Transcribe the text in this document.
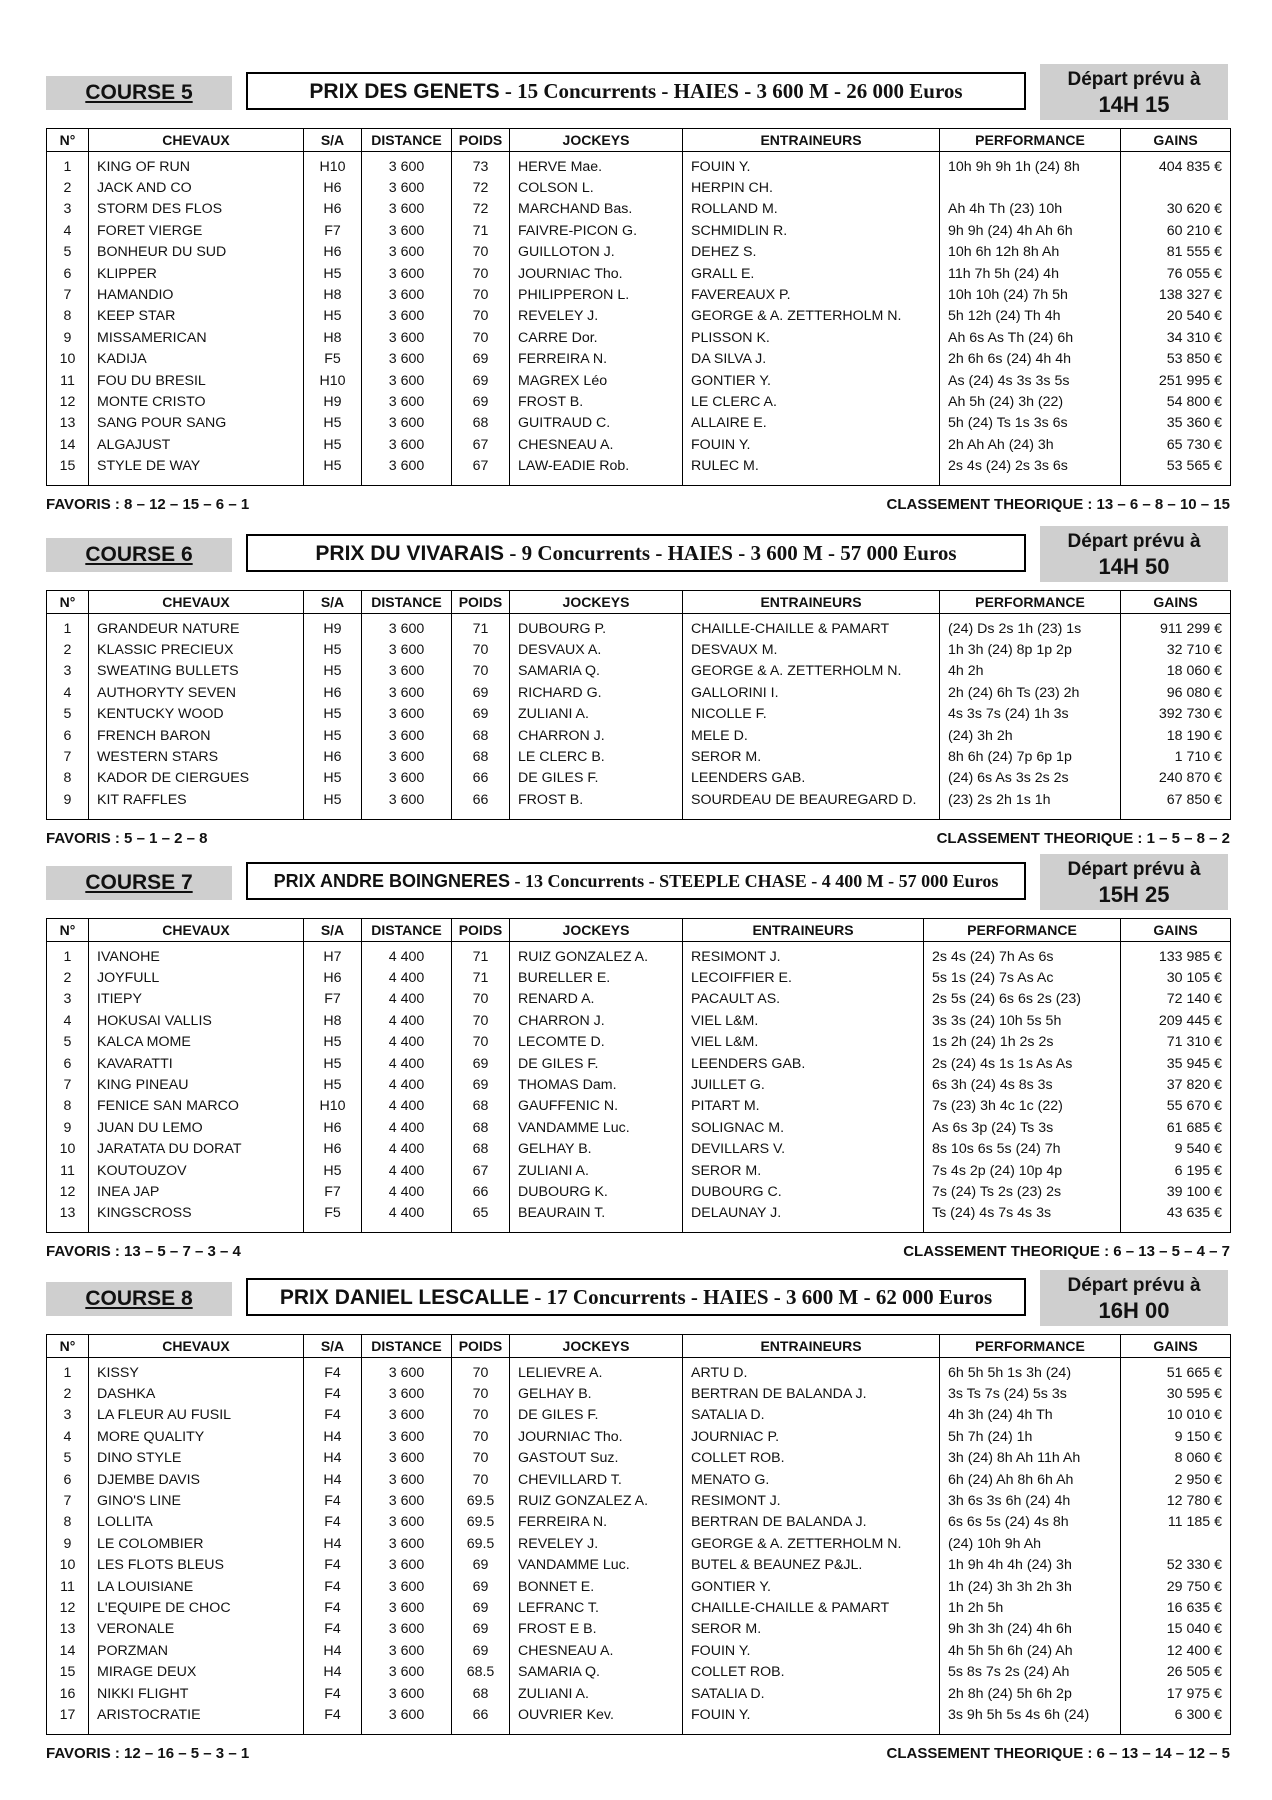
COURSE 5	PRIX DES GENETS - 15 Concurrents - HAIES - 3 600 M - 26 000 Euros	Départ prévu à
14H 15
N°	CHEVAUX	S/A	DISTANCE	POIDS	JOCKEYS	ENTRAINEURS	PERFORMANCE	GAINS
1	KING OF RUN	H10	3 600	73	HERVE Mae.	FOUIN Y.	10h 9h 9h 1h (24) 8h	404 835 €
2	JACK AND CO	H6	3 600	72	COLSON L.	HERPIN CH.		
3	STORM DES FLOS	H6	3 600	72	MARCHAND Bas.	ROLLAND M.	Ah 4h Th (23) 10h	30 620 €
4	FORET VIERGE	F7	3 600	71	FAIVRE-PICON G.	SCHMIDLIN R.	9h 9h (24) 4h Ah 6h	60 210 €
5	BONHEUR DU SUD	H6	3 600	70	GUILLOTON J.	DEHEZ S.	10h 6h 12h 8h Ah	81 555 €
6	KLIPPER	H5	3 600	70	JOURNIAC Tho.	GRALL E.	11h 7h 5h (24) 4h	76 055 €
7	HAMANDIO	H8	3 600	70	PHILIPPERON L.	FAVEREAUX P.	10h 10h (24) 7h 5h	138 327 €
8	KEEP STAR	H5	3 600	70	REVELEY J.	GEORGE & A. ZETTERHOLM N.	5h 12h (24) Th 4h	20 540 €
9	MISSAMERICAN	H8	3 600	70	CARRE Dor.	PLISSON K.	Ah 6s As Th (24) 6h	34 310 €
10	KADIJA	F5	3 600	69	FERREIRA N.	DA SILVA J.	2h 6h 6s (24) 4h 4h	53 850 €
11	FOU DU BRESIL	H10	3 600	69	MAGREX Léo	GONTIER Y.	As (24) 4s 3s 3s 5s	251 995 €
12	MONTE CRISTO	H9	3 600	69	FROST B.	LE CLERC A.	Ah 5h (24) 3h (22)	54 800 €
13	SANG POUR SANG	H5	3 600	68	GUITRAUD C.	ALLAIRE E.	5h (24) Ts 1s 3s 6s	35 360 €
14	ALGAJUST	H5	3 600	67	CHESNEAU A.	FOUIN Y.	2h Ah Ah (24) 3h	65 730 €
15	STYLE DE WAY	H5	3 600	67	LAW-EADIE Rob.	RULEC M.	2s 4s (24) 2s 3s 6s	53 565 €
FAVORIS : 8 – 12 – 15 – 6 – 1	CLASSEMENT THEORIQUE : 13 – 6 – 8 – 10 – 15
COURSE 6	PRIX DU VIVARAIS - 9 Concurrents - HAIES - 3 600 M - 57 000 Euros	Départ prévu à
14H 50
N°	CHEVAUX	S/A	DISTANCE	POIDS	JOCKEYS	ENTRAINEURS	PERFORMANCE	GAINS
1	GRANDEUR NATURE	H9	3 600	71	DUBOURG P.	CHAILLE-CHAILLE & PAMART	(24) Ds 2s 1h (23) 1s	911 299 €
2	KLASSIC PRECIEUX	H5	3 600	70	DESVAUX A.	DESVAUX M.	1h 3h (24) 8p 1p 2p	32 710 €
3	SWEATING BULLETS	H5	3 600	70	SAMARIA Q.	GEORGE & A. ZETTERHOLM N.	4h 2h	18 060 €
4	AUTHORYTY SEVEN	H6	3 600	69	RICHARD G.	GALLORINI I.	2h (24) 6h Ts (23) 2h	96 080 €
5	KENTUCKY WOOD	H5	3 600	69	ZULIANI A.	NICOLLE F.	4s 3s 7s (24) 1h 3s	392 730 €
6	FRENCH BARON	H5	3 600	68	CHARRON J.	MELE D.	(24) 3h 2h	18 190 €
7	WESTERN STARS	H6	3 600	68	LE CLERC B.	SEROR M.	8h 6h (24) 7p 6p 1p	1 710 €
8	KADOR DE CIERGUES	H5	3 600	66	DE GILES F.	LEENDERS GAB.	(24) 6s As 3s 2s 2s	240 870 €
9	KIT RAFFLES	H5	3 600	66	FROST B.	SOURDEAU DE BEAUREGARD D.	(23) 2s 2h 1s 1h	67 850 €
FAVORIS : 5 – 1 – 2 – 8	CLASSEMENT THEORIQUE : 1 – 5 – 8 – 2
COURSE 7	PRIX ANDRE BOINGNERES - 13 Concurrents - STEEPLE CHASE - 4 400 M - 57 000 Euros
Départ prévu à
15H 25
N°	CHEVAUX	S/A	DISTANCE	POIDS	JOCKEYS	ENTRAINEURS	PERFORMANCE	GAINS
1	IVANOHE	H7	4 400	71	RUIZ GONZALEZ A.	RESIMONT J.	2s 4s (24) 7h As 6s	133 985 €
2	JOYFULL	H6	4 400	71	BURELLER E.	LECOIFFIER E.	5s 1s (24) 7s As Ac	30 105 €
3	ITIEPY	F7	4 400	70	RENARD A.	PACAULT AS.	2s 5s (24) 6s 6s 2s (23)	72 140 €
4	HOKUSAI VALLIS	H8	4 400	70	CHARRON J.	VIEL L&M.	3s 3s (24) 10h 5s 5h	209 445 €
5	KALCA MOME	H5	4 400	70	LECOMTE D.	VIEL L&M.	1s 2h (24) 1h 2s 2s	71 310 €
6	KAVARATTI	H5	4 400	69	DE GILES F.	LEENDERS GAB.	2s (24) 4s 1s 1s As As	35 945 €
7	KING PINEAU	H5	4 400	69	THOMAS Dam.	JUILLET G.	6s 3h (24) 4s 8s 3s	37 820 €
8	FENICE SAN MARCO	H10	4 400	68	GAUFFENIC N.	PITART M.	7s (23) 3h 4c 1c (22)	55 670 €
9	JUAN DU LEMO	H6	4 400	68	VANDAMME Luc.	SOLIGNAC M.	As 6s 3p (24) Ts 3s	61 685 €
10	JARATATA DU DORAT	H6	4 400	68	GELHAY B.	DEVILLARS V.	8s 10s 6s 5s (24) 7h	9 540 €
11	KOUTOUZOV	H5	4 400	67	ZULIANI A.	SEROR M.	7s 4s 2p (24) 10p 4p	6 195 €
12	INEA JAP	F7	4 400	66	DUBOURG K.	DUBOURG C.	7s (24) Ts 2s (23) 2s	39 100 €
13	KINGSCROSS	F5	4 400	65	BEAURAIN T.	DELAUNAY J.	Ts (24) 4s 7s 4s 3s	43 635 €
FAVORIS : 13 – 5 – 7 – 3 – 4	CLASSEMENT THEORIQUE : 6 – 13 – 5 – 4 – 7
COURSE 8	PRIX DANIEL LESCALLE - 17 Concurrents - HAIES - 3 600 M - 62 000 Euros	Départ prévu à
16H 00
N°	CHEVAUX	S/A	DISTANCE	POIDS	JOCKEYS	ENTRAINEURS	PERFORMANCE	GAINS
1	KISSY	F4	3 600	70	LELIEVRE A.	ARTU D.	6h 5h 5h 1s 3h (24)	51 665 €
2	DASHKA	F4	3 600	70	GELHAY B.	BERTRAN DE BALANDA J.	3s Ts 7s (24) 5s 3s	30 595 €
3	LA FLEUR AU FUSIL	F4	3 600	70	DE GILES F.	SATALIA D.	4h 3h (24) 4h Th	10 010 €
4	MORE QUALITY	H4	3 600	70	JOURNIAC Tho.	JOURNIAC P.	5h 7h (24) 1h	9 150 €
5	DINO STYLE	H4	3 600	70	GASTOUT Suz.	COLLET ROB.	3h (24) 8h Ah 11h Ah	8 060 €
6	DJEMBE DAVIS	H4	3 600	70	CHEVILLARD T.	MENATO G.	6h (24) Ah 8h 6h Ah	2 950 €
7	GINO'S LINE	F4	3 600	69.5	RUIZ GONZALEZ A.	RESIMONT J.	3h 6s 3s 6h (24) 4h	12 780 €
8	LOLLITA	F4	3 600	69.5	FERREIRA N.	BERTRAN DE BALANDA J.	6s 6s 5s (24) 4s 8h	11 185 €
9	LE COLOMBIER	H4	3 600	69.5	REVELEY J.	GEORGE & A. ZETTERHOLM N.	(24) 10h 9h Ah	
10	LES FLOTS BLEUS	F4	3 600	69	VANDAMME Luc.	BUTEL & BEAUNEZ P&JL.	1h 9h 4h 4h (24) 3h	52 330 €
11	LA LOUISIANE	F4	3 600	69	BONNET E.	GONTIER Y.	1h (24) 3h 3h 2h 3h	29 750 €
12	L'EQUIPE DE CHOC	F4	3 600	69	LEFRANC T.	CHAILLE-CHAILLE & PAMART	1h 2h 5h	16 635 €
13	VERONALE	F4	3 600	69	FROST E B.	SEROR M.	9h 3h 3h (24) 4h 6h	15 040 €
14	PORZMAN	H4	3 600	69	CHESNEAU A.	FOUIN Y.	4h 5h 5h 6h (24) Ah	12 400 €
15	MIRAGE DEUX	H4	3 600	68.5	SAMARIA Q.	COLLET ROB.	5s 8s 7s 2s (24) Ah	26 505 €
16	NIKKI FLIGHT	F4	3 600	68	ZULIANI A.	SATALIA D.	2h 8h (24) 5h 6h 2p	17 975 €
17	ARISTOCRATIE	F4	3 600	66	OUVRIER Kev.	FOUIN Y.	3s 9h 5h 5s 4s 6h (24)	6 300 €
FAVORIS : 12 – 16 – 5 – 3 – 1	CLASSEMENT THEORIQUE : 6 – 13 – 14 – 12 – 5
